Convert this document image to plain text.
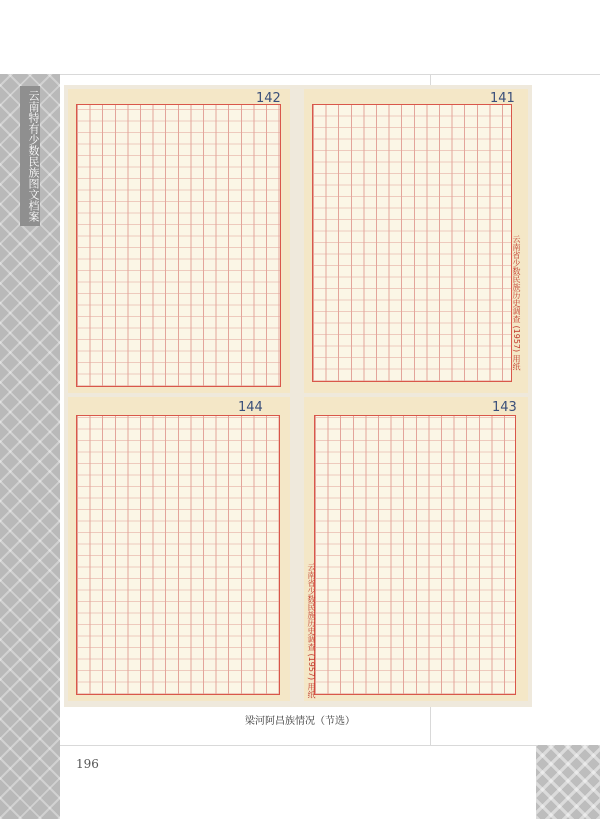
云南特有少数民族图文档案	142
云南省少数民族历史调查 (1957) 用纸
141
144
云南省少数民族历史调查 (1957) 用纸
143
梁河阿昌族情况（节选）
196
